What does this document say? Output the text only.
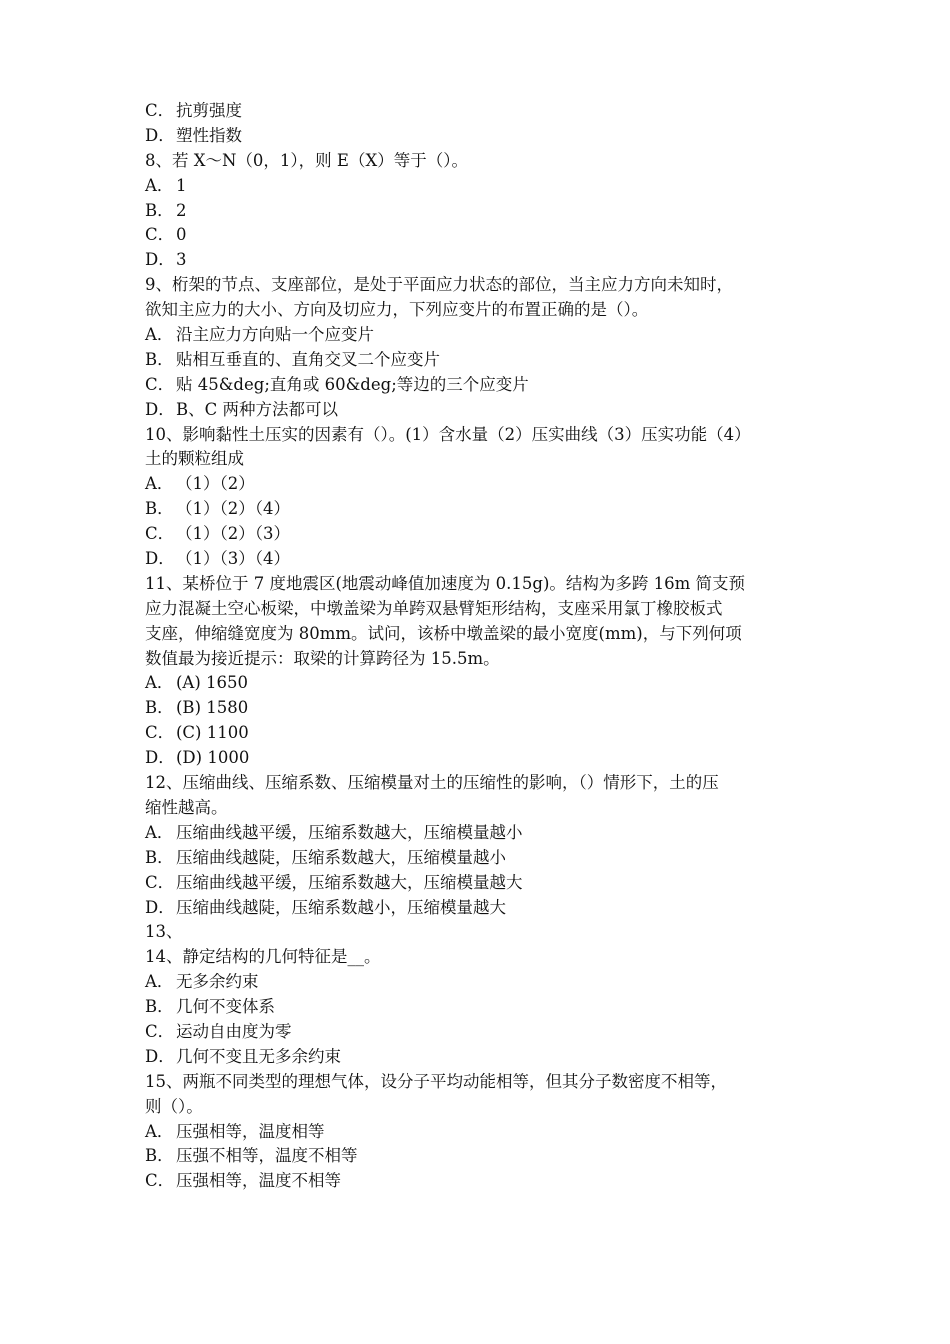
C． 抗剪强度
D．塑性指数
8、若 X～N（0，1），则 E（X）等于（）。
A． 1
B． 2
C． 0
D．3
9、桁架的节点、支座部位，是处于平面应力状态的部位，当主应力方向未知时，
欲知主应力的大小、方向及切应力，下列应变片的布置正确的是（）。
A． 沿主应力方向贴一个应变片
B． 贴相互垂直的、直角交叉二个应变片
C． 贴 45&deg;直角或 60&deg;等边的三个应变片
D．B、C 两种方法都可以
10、影响黏性土压实的因素有（）。(1）含水量（2）压实曲线（3）压实功能（4）
土的颗粒组成
A． （1）（2）
B． （1）（2）（4）
C． （1）（2）（3）
D．（1）（3）（4）
11、某桥位于 7 度地震区(地震动峰值加速度为 0.15g)。结构为多跨 16m 简支预
应力混凝土空心板梁，中墩盖梁为单跨双悬臂矩形结构，支座采用氯丁橡胶板式
支座，伸缩缝宽度为 80mm。试问，该桥中墩盖梁的最小宽度(mm)，与下列何项
数值最为接近提示：取梁的计算跨径为 15.5m。
A． (A) 1650
B． (B) 1580
C． (C) 1100
D．(D) 1000
12、压缩曲线、压缩系数、压缩模量对土的压缩性的影响，（）情形下，土的压
缩性越高。
A． 压缩曲线越平缓，压缩系数越大，压缩模量越小
B． 压缩曲线越陡，压缩系数越大，压缩模量越小
C． 压缩曲线越平缓，压缩系数越大，压缩模量越大
D．压缩曲线越陡，压缩系数越小，压缩模量越大
13、
14、静定结构的几何特征是__。
A． 无多余约束
B． 几何不变体系
C． 运动自由度为零
D．几何不变且无多余约束
15、两瓶不同类型的理想气体，设分子平均动能相等，但其分子数密度不相等，
则（）。
A． 压强相等，温度相等
B． 压强不相等，温度不相等
C． 压强相等，温度不相等
